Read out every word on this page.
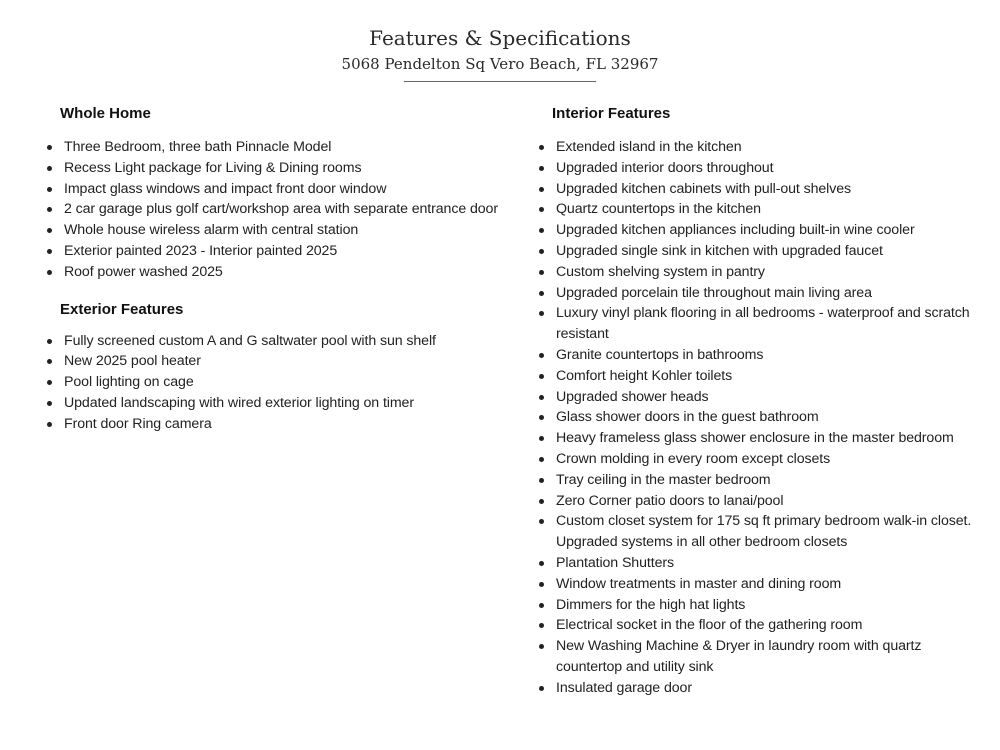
Features & Specifications
5068 Pendelton Sq Vero Beach, FL 32967
Whole Home
Three Bedroom, three bath Pinnacle Model
Recess Light package for Living & Dining rooms
Impact glass windows and impact front door window
2 car garage plus golf cart/workshop area with separate entrance door
Whole house wireless alarm with central station
Exterior painted 2023 - Interior painted 2025
Roof power washed 2025
Exterior Features
Fully screened custom A and G saltwater pool with sun shelf
New 2025 pool heater
Pool lighting on cage
Updated landscaping with wired exterior lighting on timer
Front door Ring camera
Interior Features
Extended island in the kitchen
Upgraded interior doors throughout
Upgraded kitchen cabinets with pull-out shelves
Quartz countertops in the kitchen
Upgraded kitchen appliances including built-in wine cooler
Upgraded single sink in kitchen with upgraded faucet
Custom shelving system in pantry
Upgraded porcelain tile throughout main living area
Luxury vinyl plank flooring in all bedrooms - waterproof and scratch resistant
Granite countertops in bathrooms
Comfort height Kohler toilets
Upgraded shower heads
Glass shower doors in the guest bathroom
Heavy frameless glass shower enclosure in the master bedroom
Crown molding in every room except closets
Tray ceiling in the master bedroom
Zero Corner patio doors to lanai/pool
Custom closet system for 175 sq ft primary bedroom walk-in closet. Upgraded systems in all other bedroom closets
Plantation Shutters
Window treatments in master and dining room
Dimmers for the high hat lights
Electrical socket in the floor of the gathering room
New Washing Machine & Dryer in laundry room with quartz countertop and utility sink
Insulated garage door
